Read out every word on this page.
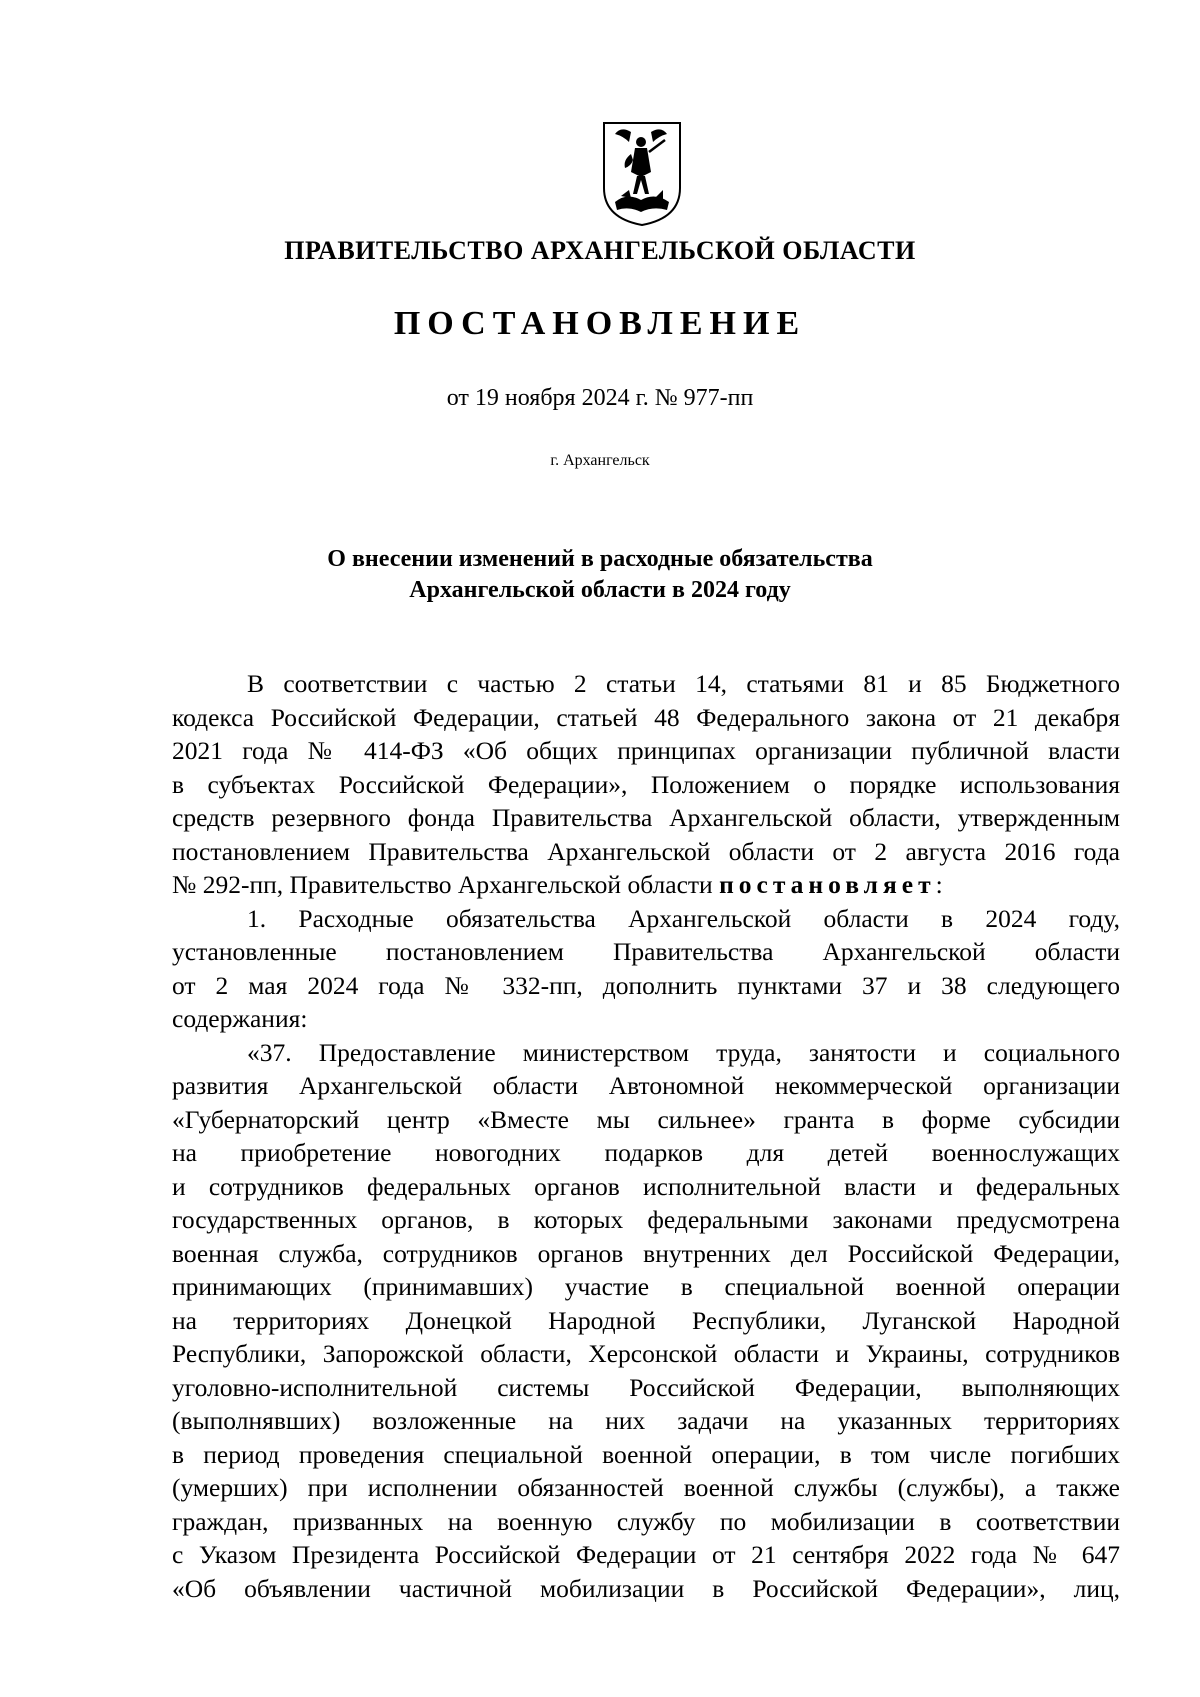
ПРАВИТЕЛЬСТВО АРХАНГЕЛЬСКОЙ ОБЛАСТИ
ПОСТАНОВЛЕНИЕ
от 19 ноября 2024 г. № 977-пп
г. Архангельск
О внесении изменений в расходные обязательства
Архангельской области в 2024 году
В соответствии с частью 2 статьи 14, статьями 81 и 85 Бюджетного
кодекса Российской Федерации, статьей 48 Федерального закона от 21 декабря
2021 года № 414-ФЗ «Об общих принципах организации публичной власти
в субъектах Российской Федерации», Положением о порядке использования
средств резервного фонда Правительства Архангельской области, утвержденным
постановлением Правительства Архангельской области от 2 августа 2016 года
№ 292-пп, Правительство Архангельской области постановляет:
1. Расходные обязательства Архангельской области в 2024 году,
установленные постановлением Правительства Архангельской области
от 2 мая 2024 года № 332-пп, дополнить пунктами 37 и 38 следующего
содержания:
«37. Предоставление министерством труда, занятости и социального
развития Архангельской области Автономной некоммерческой организации
«Губернаторский центр «Вместе мы сильнее» гранта в форме субсидии
на приобретение новогодних подарков для детей военнослужащих
и сотрудников федеральных органов исполнительной власти и федеральных
государственных органов, в которых федеральными законами предусмотрена
военная служба, сотрудников органов внутренних дел Российской Федерации,
принимающих (принимавших) участие в специальной военной операции
на территориях Донецкой Народной Республики, Луганской Народной
Республики, Запорожской области, Херсонской области и Украины, сотрудников
уголовно-исполнительной системы Российской Федерации, выполняющих
(выполнявших) возложенные на них задачи на указанных территориях
в период проведения специальной военной операции, в том числе погибших
(умерших) при исполнении обязанностей военной службы (службы), а также
граждан, призванных на военную службу по мобилизации в соответствии
с Указом Президента Российской Федерации от 21 сентября 2022 года № 647
«Об объявлении частичной мобилизации в Российской Федерации», лиц,
